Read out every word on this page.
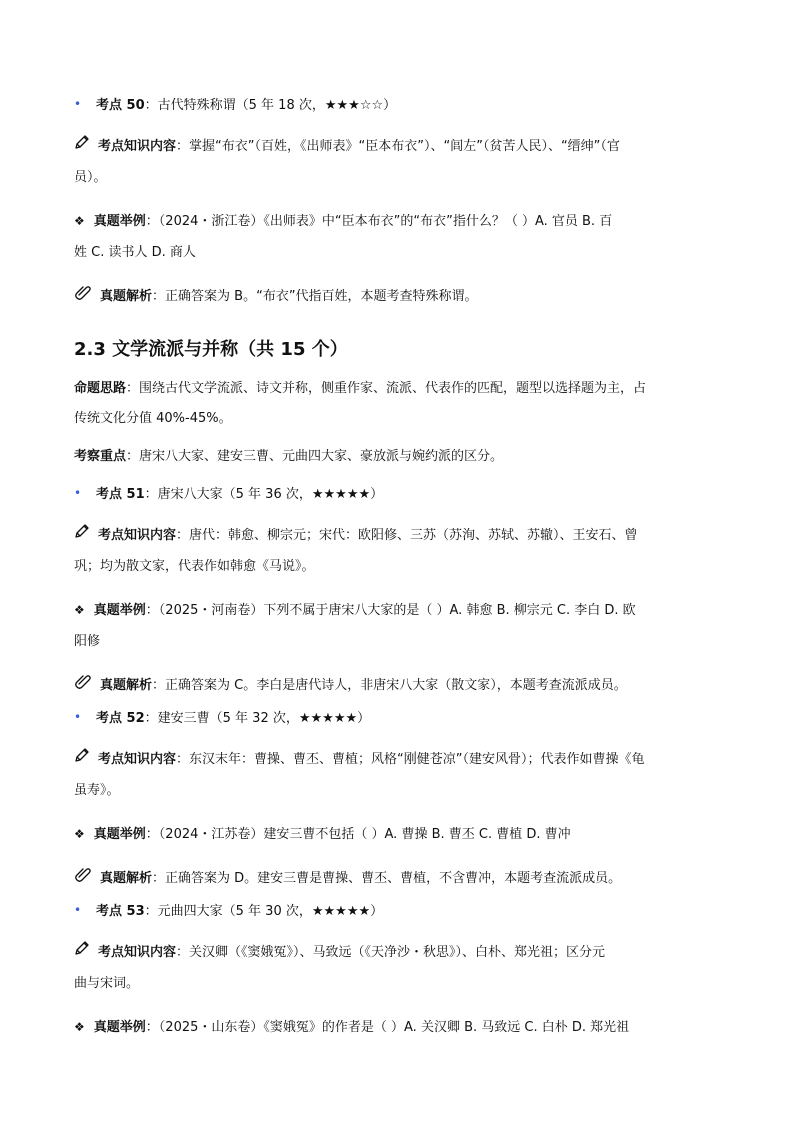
•	考点 50 ： 古代特殊称谓（5 年 18 次，★★★☆☆）
考点知识内容：掌握“布衣”（百姓，《出师表》“臣本布衣”）、“闾左”（贫苦人民）、“缙绅”（官
员）。
❖ 真题举例：（2024・浙江卷）《出师表》中“臣本布衣”的“布衣”指什么？（ ）A. 官员 B. 百
姓 C. 读书人 D. 商人
真题解析：正确答案为 B。“布衣”代指百姓，本题考查特殊称谓。
2.3 文学流派与并称（共 15 个）
命题思路：围绕古代文学流派、诗文并称，侧重作家、流派、代表作的匹配，题型以选择题为主，占
传统文化分值 40%-45%。
考察重点：唐宋八大家、建安三曹、元曲四大家、豪放派与婉约派的区分。
•	考点 51 ： 唐宋八大家（5 年 36 次，★★★★★）
考点知识内容：唐代：韩愈、柳宗元；宋代：欧阳修、三苏（苏洵、苏轼、苏辙）、王安石、曾
巩；均为散文家，代表作如韩愈《马说》。
❖ 真题举例：（2025・河南卷）下列不属于唐宋八大家的是（ ）A. 韩愈 B. 柳宗元 C. 李白 D. 欧
阳修
真题解析：正确答案为 C。李白是唐代诗人，非唐宋八大家（散文家），本题考查流派成员。
•	考点 52 ： 建安三曹（5 年 32 次，★★★★★）
考点知识内容：东汉末年：曹操、曹丕、曹植；风格“刚健苍凉”（建安风骨）；代表作如曹操《龟
虽寿》。
❖ 真题举例：（2024・江苏卷）建安三曹不包括（ ）A. 曹操 B. 曹丕 C. 曹植 D. 曹冲
真题解析：正确答案为 D。建安三曹是曹操、曹丕、曹植，不含曹冲，本题考查流派成员。
•	考点 53 ： 元曲四大家（5 年 30 次，★★★★★）
考点知识内容：关汉卿（《窦娥冤》）、马致远（《天净沙・秋思》）、白朴、郑光祖；区分元
曲与宋词。
❖ 真题举例：（2025・山东卷）《窦娥冤》的作者是（ ）A. 关汉卿 B. 马致远 C. 白朴 D. 郑光祖
